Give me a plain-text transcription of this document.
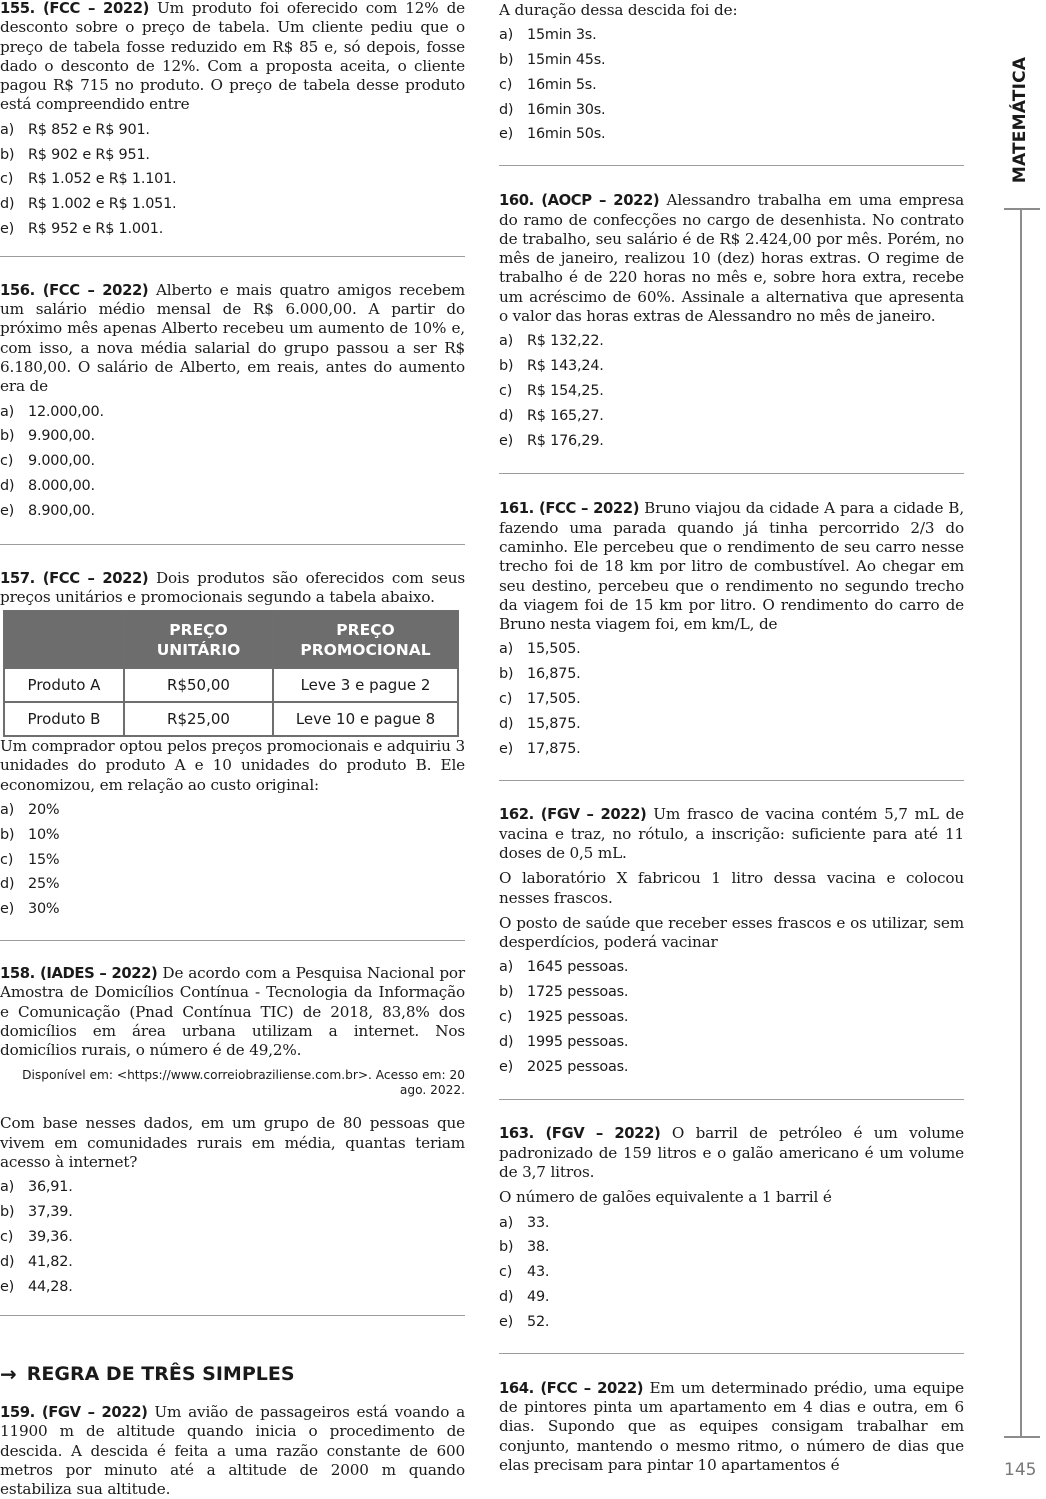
155. (FCC – 2022) Um produto foi oferecido com 12% de desconto sobre o preço de tabela. Um cliente pediu que o preço de tabela fosse reduzido em R$ 85 e, só depois, fosse dado o desconto de 12%. Com a proposta aceita, o cliente pagou R$ 715 no produto. O preço de tabela desse produto está compreendido entre

a) R$ 852 e R$ 901.
b) R$ 902 e R$ 951.
c)	R$ 1.052 e R$ 1.101.
d) R$ 1.002 e R$ 1.051.
e) R$ 952 e R$ 1.001.

156. (FCC – 2022) Alberto e mais quatro amigos recebem um salário médio mensal de R$ 6.000,00. A partir do próximo mês apenas Alberto recebeu um aumento de 10% e, com isso, a nova média salarial do grupo passou a ser R$ 6.180,00. O salário de Alberto, em reais, antes do aumento era de

a) 12.000,00.
b) 9.900,00.
c)	9.000,00.
d) 8.000,00.
e) 8.900,00.

157. (FCC – 2022) Dois produtos são oferecidos com seus preços unitários e promocionais segundo a tabela abaixo.

	PREÇO UNITÁRIO	PREÇO PROMOCIONAL
Produto A	R$50,00	Leve 3 e pague 2
Produto B	R$25,00	Leve 10 e pague 8

Um comprador optou pelos preços promocionais e adquiriu 3 unidades do produto A e 10 unidades do produto B. Ele economizou, em relação ao custo original:

a) 20%
b) 10%
c)	15%
d) 25%
e) 30%

158. (IADES – 2022) De acordo com a Pesquisa Nacional por Amostra de Domicílios Contínua - Tecnologia da Informação e Comunicação (Pnad Contínua TIC) de 2018, 83,8% dos domicílios em área urbana utilizam a internet. Nos domicílios rurais, o número é de 49,2%.

Disponível em: <https://www.correiobraziliense.com.br>. Acesso em: 20 ago. 2022.

Com base nesses dados, em um grupo de 80 pessoas que vivem em comunidades rurais em média, quantas teriam acesso à internet?

a) 36,91.
b) 37,39.
c)	39,36.
d) 41,82.
e) 44,28.
→ REGRA DE TRÊS SIMPLES

159. (FGV – 2022) Um avião de passageiros está voando a 11900 m de altitude quando inicia o procedimento de descida. A descida é feita a uma razão constante de 600 metros por minuto até a altitude de 2000 m quando estabiliza sua altitude.

A duração dessa descida foi de:

a) 15min 3s.
b) 15min 45s.
c)	16min 5s.
d) 16min 30s.
e) 16min 50s.

160. (AOCP – 2022) Alessandro trabalha em uma empresa do ramo de confecções no cargo de desenhista. No contrato de trabalho, seu salário é de R$ 2.424,00 por mês. Porém, no mês de janeiro, realizou 10 (dez) horas extras. O regime de trabalho é de 220 horas no mês e, sobre hora extra, recebe um acréscimo de 60%. Assinale a alternativa que apresenta o valor das horas extras de Alessandro no mês de janeiro.

a) R$ 132,22.
b) R$ 143,24.
c)	R$ 154,25.
d) R$ 165,27.
e) R$ 176,29.

161. (FCC – 2022) Bruno viajou da cidade A para a cidade B, fazendo uma parada quando já tinha percorrido 2/3 do caminho. Ele percebeu que o rendimento de seu carro nesse trecho foi de 18 km por litro de combustível. Ao chegar em seu destino, percebeu que o rendimento no segundo trecho da viagem foi de 15 km por litro. O rendimento do carro de Bruno nesta viagem foi, em km/L, de

a) 15,505.
b) 16,875.
c)	17,505.
d) 15,875.
e) 17,875.

162. (FGV – 2022) Um frasco de vacina contém 5,7 mL de vacina e traz, no rótulo, a inscrição: suficiente para até 11 doses de 0,5 mL.

O laboratório X fabricou 1 litro dessa vacina e colocou nesses frascos.

O posto de saúde que receber esses frascos e os utilizar, sem desperdícios, poderá vacinar

a) 1645 pessoas.
b) 1725 pessoas.
c)	1925 pessoas.
d) 1995 pessoas.
e) 2025 pessoas.

163. (FGV – 2022) O barril de petróleo é um volume padronizado de 159 litros e o galão americano é um volume de 3,7 litros.

O número de galões equivalente a 1 barril é

a) 33.
b) 38.
c)	43.
d) 49.
e) 52.

164. (FCC – 2022) Em um determinado prédio, uma equipe de pintores pinta um apartamento em 4 dias e outra, em 6 dias. Supondo que as equipes consigam trabalhar em conjunto, mantendo o mesmo ritmo, o número de dias que elas precisam para pintar 10 apartamentos é

MATEMÁTICA
145
